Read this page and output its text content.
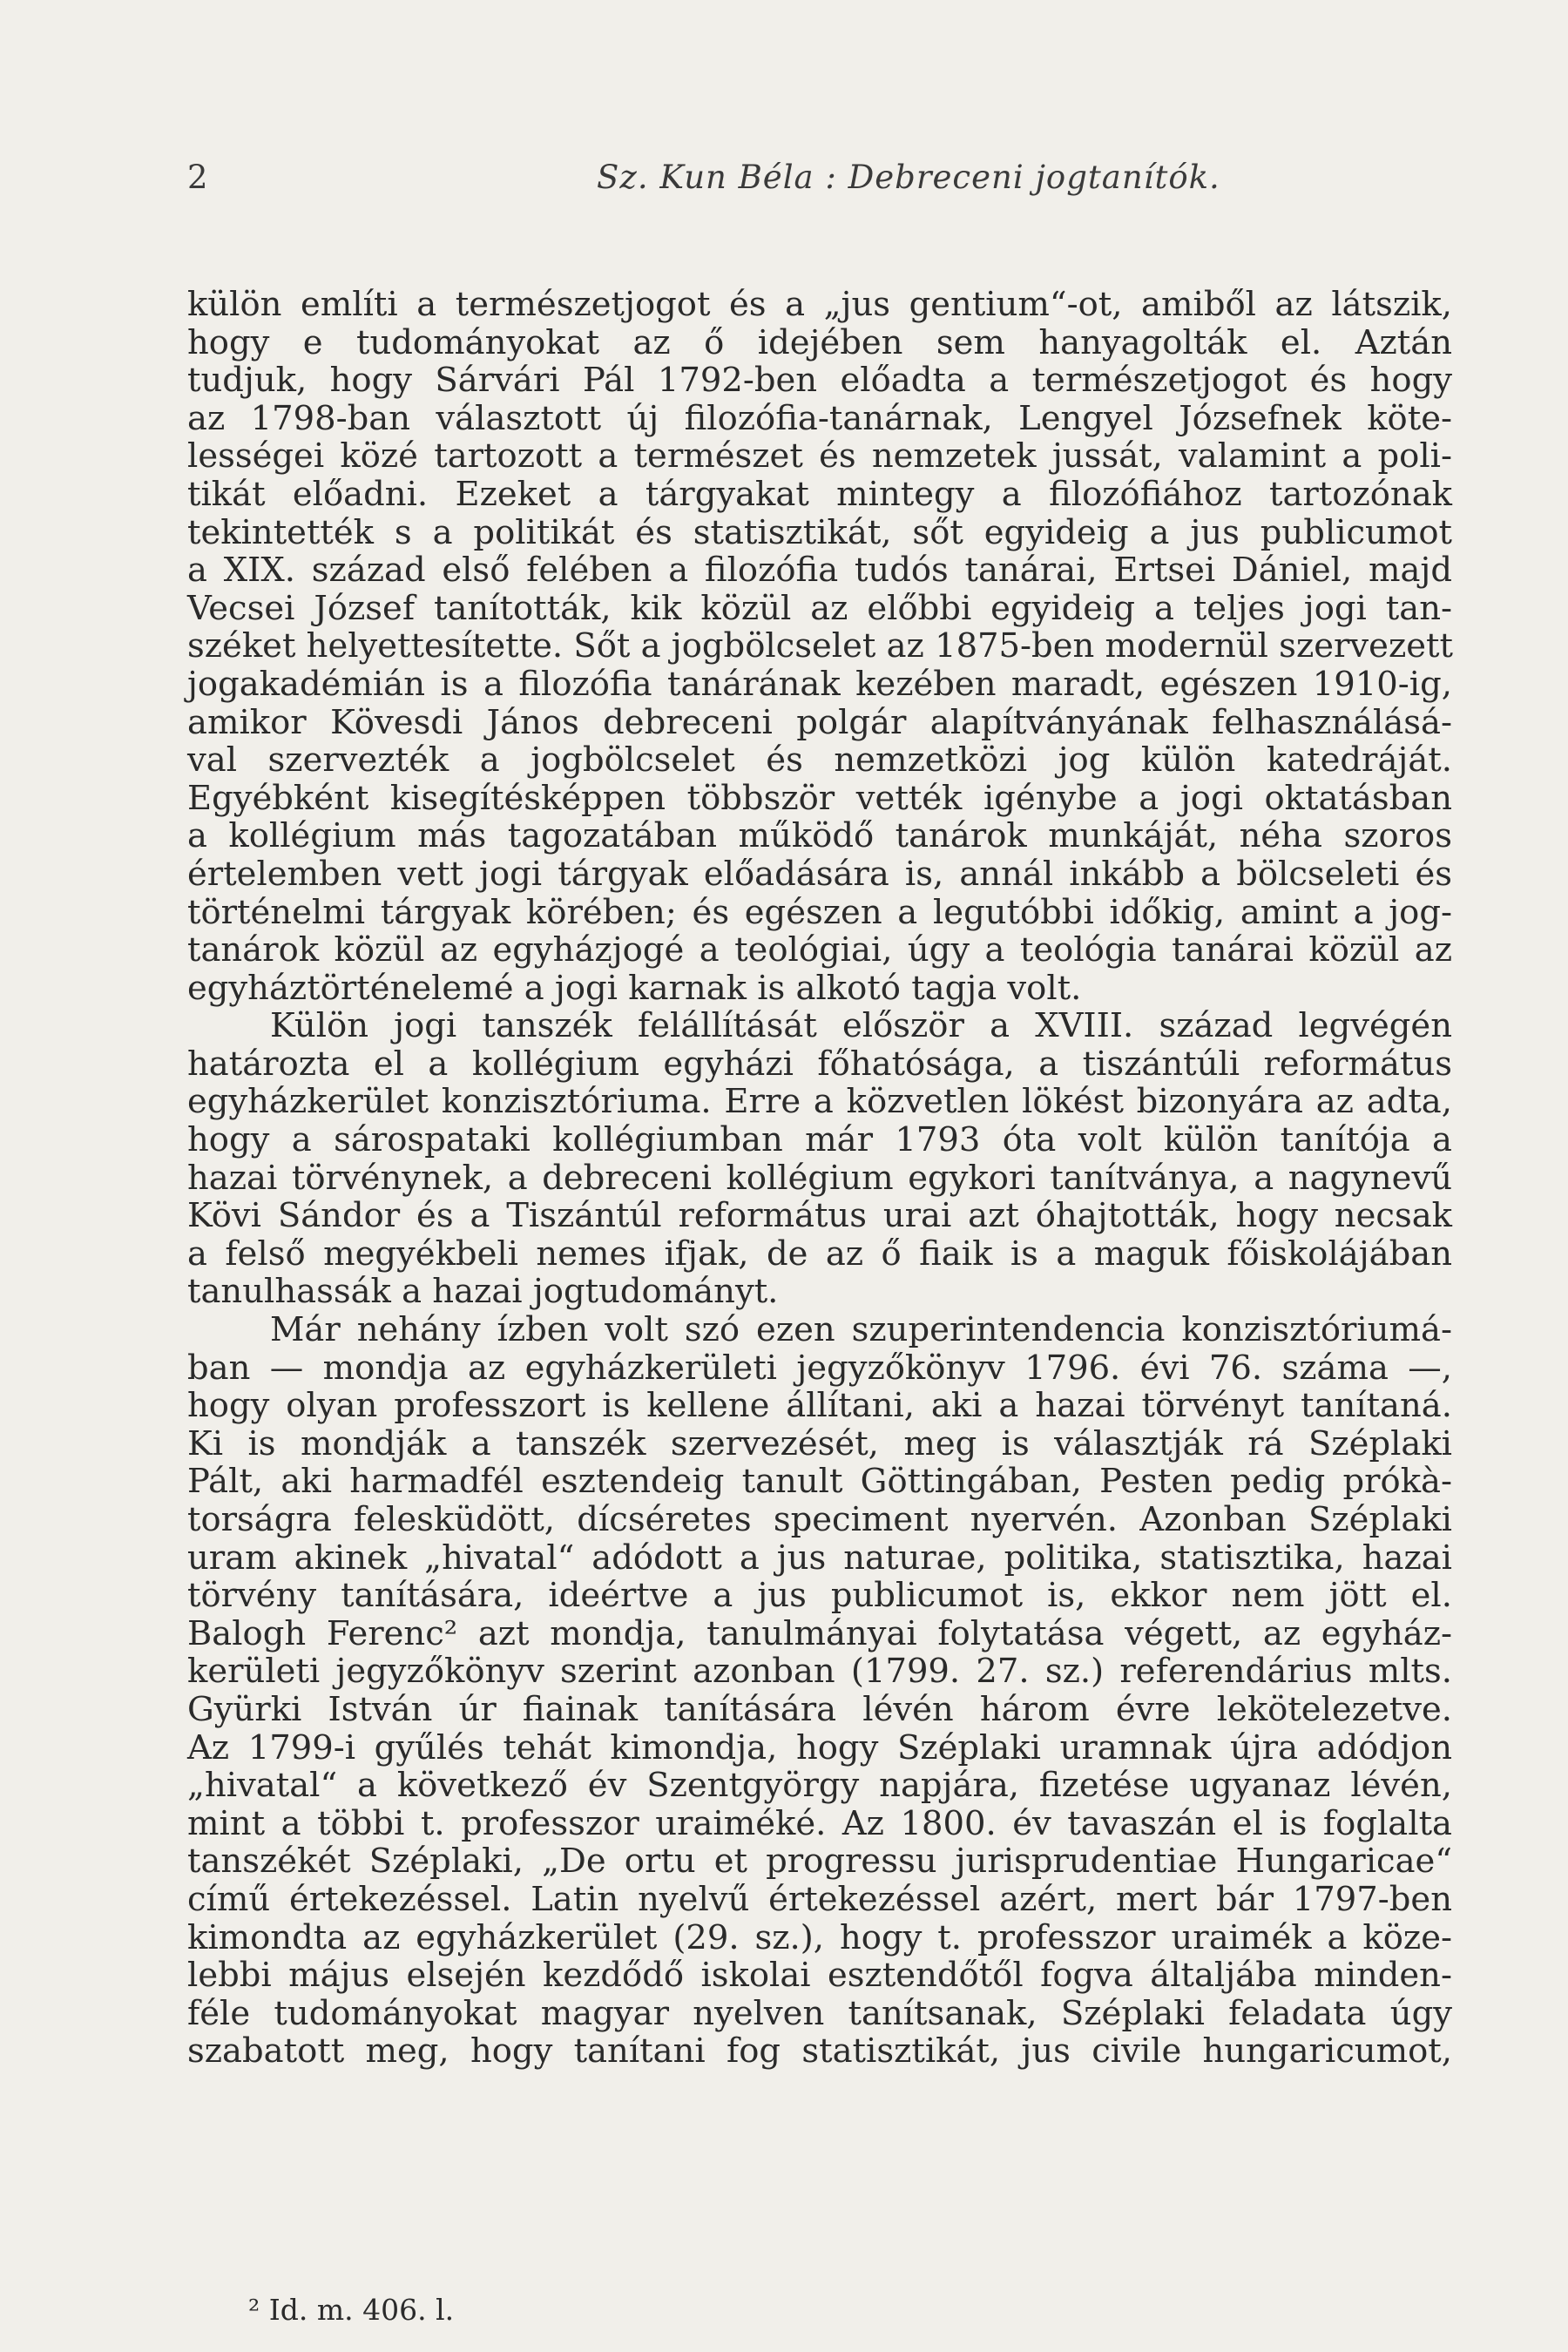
2	Sz. Kun Béla : Debreceni jogtanítók.
külön említi a természetjogot és a „jus gentium“-ot, amiből az látszik,
hogy e tudományokat az ő idejében sem hanyagolták el. Aztán
tudjuk, hogy Sárvári Pál 1792-ben előadta a természetjogot és hogy
az 1798-ban választott új filozófia-tanárnak, Lengyel Józsefnek köte-
lességei közé tartozott a természet és nemzetek jussát, valamint a poli-
tikát előadni. Ezeket a tárgyakat mintegy a filozófiához tartozónak
tekintették s a politikát és statisztikát, sőt egyideig a jus publicumot
a XIX. század első felében a filozófia tudós tanárai, Ertsei Dániel, majd
Vecsei József tanították, kik közül az előbbi egyideig a teljes jogi tan-
széket helyettesítette. Sőt a jogbölcselet az 1875-ben modernül szervezett
jogakadémián is a filozófia tanárának kezében maradt, egészen 1910-ig,
amikor Kövesdi János debreceni polgár alapítványának felhasználásá-
val szervezték a jogbölcselet és nemzetközi jog külön katedráját.
Egyébként kisegítésképpen többször vették igénybe a jogi oktatásban
a kollégium más tagozatában működő tanárok munkáját, néha szoros
értelemben vett jogi tárgyak előadására is, annál inkább a bölcseleti és
történelmi tárgyak körében; és egészen a legutóbbi időkig, amint a jog-
tanárok közül az egyházjogé a teológiai, úgy a teológia tanárai közül az
egyháztörténelemé a jogi karnak is alkotó tagja volt.
Külön jogi tanszék felállítását először a XVIII. század legvégén
határozta el a kollégium egyházi főhatósága, a tiszántúli református
egyházkerület konzisztóriuma. Erre a közvetlen lökést bizonyára az adta,
hogy a sárospataki kollégiumban már 1793 óta volt külön tanítója a
hazai törvénynek, a debreceni kollégium egykori tanítványa, a nagynevű
Kövi Sándor és a Tiszántúl református urai azt óhajtották, hogy necsak
a felső megyékbeli nemes ifjak, de az ő fiaik is a maguk főiskolájában
tanulhassák a hazai jogtudományt.
Már nehány ízben volt szó ezen szuperintendencia konzisztóriumá-
ban — mondja az egyházkerületi jegyzőkönyv 1796. évi 76. száma —,
hogy olyan professzort is kellene állítani, aki a hazai törvényt tanítaná.
Ki is mondják a tanszék szervezését, meg is választják rá Széplaki
Pált, aki harmadfél esztendeig tanult Göttingában, Pesten pedig prókà-
torságra felesküdött, dícséretes speciment nyervén. Azonban Széplaki
uram akinek „hivatal“ adódott a jus naturae, politika, statisztika, hazai
törvény tanítására, ideértve a jus publicumot is, ekkor nem jött el.
Balogh Ferenc² azt mondja, tanulmányai folytatása végett, az egyház-
kerületi jegyzőkönyv szerint azonban (1799. 27. sz.) referendárius mlts.
Gyürki István úr fiainak tanítására lévén három évre lekötelezetve.
Az 1799-i gyűlés tehát kimondja, hogy Széplaki uramnak újra adódjon
„hivatal“ a következő év Szentgyörgy napjára, fizetése ugyanaz lévén,
mint a többi t. professzor uraiméké. Az 1800. év tavaszán el is foglalta
tanszékét Széplaki, „De ortu et progressu jurisprudentiae Hungaricae“
című értekezéssel. Latin nyelvű értekezéssel azért, mert bár 1797-ben
kimondta az egyházkerület (29. sz.), hogy t. professzor uraimék a köze-
lebbi május elsején kezdődő iskolai esztendőtől fogva általjába minden-
féle tudományokat magyar nyelven tanítsanak, Széplaki feladata úgy
szabatott meg, hogy tanítani fog statisztikát, jus civile hungaricumot,
² Id. m. 406. l.
